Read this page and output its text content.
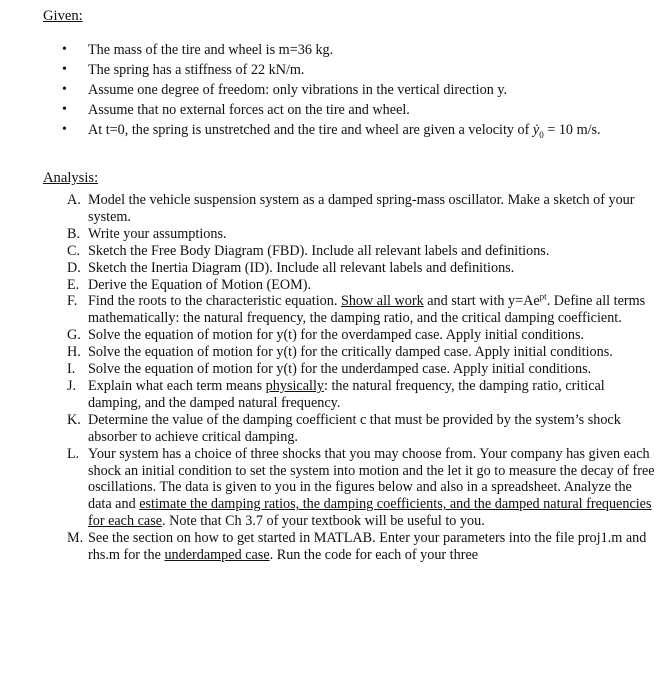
Given:
• The mass of the tire and wheel is m=36 kg.
• The spring has a stiffness of 22 kN/m.
• Assume one degree of freedom: only vibrations in the vertical direction y.
• Assume that no external forces act on the tire and wheel.
• At t=0, the spring is unstretched and the tire and wheel are given a velocity of ẏ$_0$ = 10 m/s.
Analysis:
A. Model the vehicle suspension system as a damped spring-mass oscillator. Make a sketch of your system.
B. Write your assumptions.
C. Sketch the Free Body Diagram (FBD). Include all relevant labels and definitions.
D. Sketch the Inertia Diagram (ID). Include all relevant labels and definitions.
E. Derive the Equation of Motion (EOM).
F. Find the roots to the characteristic equation. Show all work and start with $y=Ae^{pt}$. Define all terms mathematically: the natural frequency, the damping ratio, and the critical damping coefficient.
G. Solve the equation of motion for y(t) for the overdamped case. Apply initial conditions.
H. Solve the equation of motion for y(t) for the critically damped case. Apply initial conditions.
I. Solve the equation of motion for y(t) for the underdamped case. Apply initial conditions.
J. Explain what each term means physically: the natural frequency, the damping ratio, critical damping, and the damped natural frequency.
K. Determine the value of the damping coefficient c that must be provided by the system’s shock absorber to achieve critical damping.
L. Your system has a choice of three shocks that you may choose from. Your company has given each shock an initial condition to set the system into motion and the let it go to measure the decay of free oscillations. The data is given to you in the figures below and also in a spreadsheet. Analyze the data and estimate the damping ratios, the damping coefficients, and the damped natural frequencies for each case. Note that Ch 3.7 of your textbook will be useful to you.
M. See the section on how to get started in MATLAB. Enter your parameters into the file proj1.m and rhs.m for the underdamped case. Run the code for each of your three
